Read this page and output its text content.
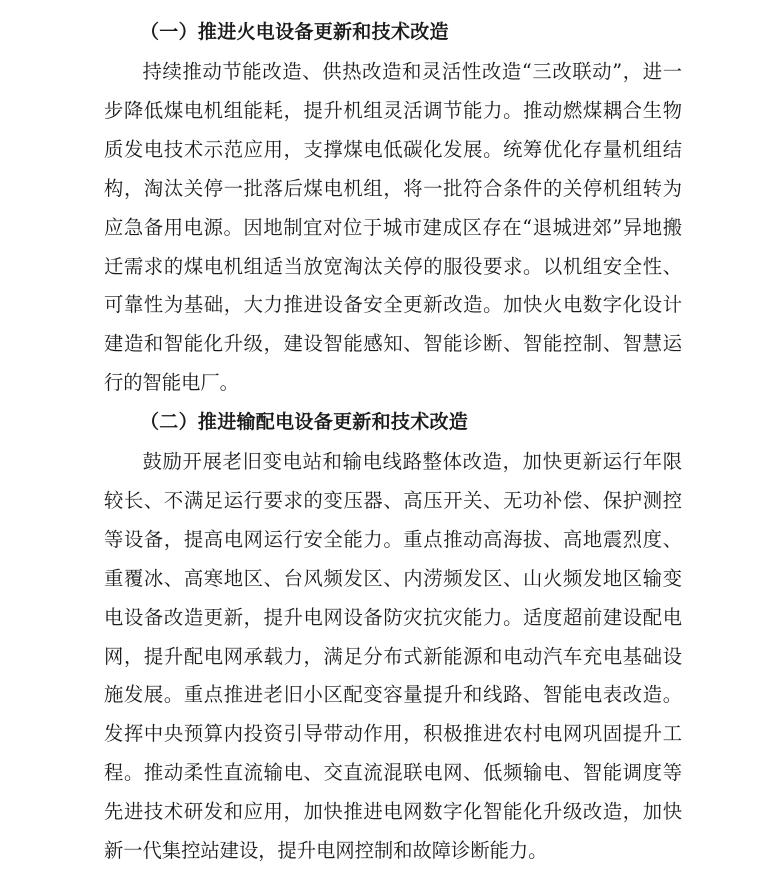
（一）推进火电设备更新和技术改造

持续推动节能改造、供热改造和灵活性改造“三改联动”，进一步降低煤电机组能耗，提升机组灵活调节能力。推动燃煤耦合生物质发电技术示范应用，支撑煤电低碳化发展。统筹优化存量机组结构，淘汰关停一批落后煤电机组，将一批符合条件的关停机组转为应急备用电源。因地制宜对位于城市建成区存在“退城进郊”异地搬迁需求的煤电机组适当放宽淘汰关停的服役要求。以机组安全性、可靠性为基础，大力推进设备安全更新改造。加快火电数字化设计建造和智能化升级，建设智能感知、智能诊断、智能控制、智慧运行的智能电厂。

（二）推进输配电设备更新和技术改造

鼓励开展老旧变电站和输电线路整体改造，加快更新运行年限较长、不满足运行要求的变压器、高压开关、无功补偿、保护测控等设备，提高电网运行安全能力。重点推动高海拔、高地震烈度、重覆冰、高寒地区、台风频发区、内涝频发区、山火频发地区输变电设备改造更新，提升电网设备防灾抗灾能力。适度超前建设配电网，提升配电网承载力，满足分布式新能源和电动汽车充电基础设施发展。重点推进老旧小区配变容量提升和线路、智能电表改造。发挥中央预算内投资引导带动作用，积极推进农村电网巩固提升工程。推动柔性直流输电、交直流混联电网、低频输电、智能调度等先进技术研发和应用，加快推进电网数字化智能化升级改造，加快新一代集控站建设，提升电网控制和故障诊断能力。
